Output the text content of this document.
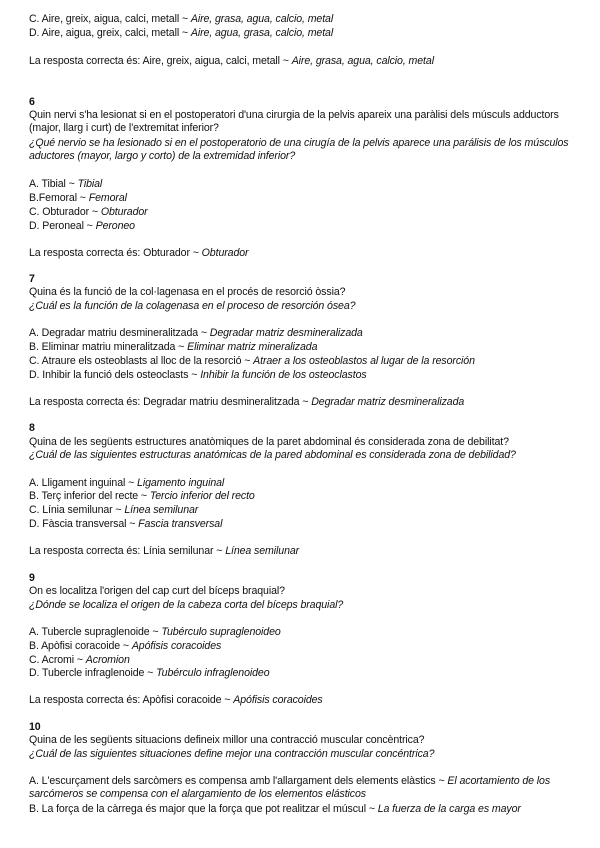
C. Aire, greix, aigua, calci, metall ~ Aire, grasa, agua, calcio, metal
D. Aire, aigua, greix, calci, metall ~ Aire, agua, grasa, calcio, metal
La resposta correcta és: Aire, greix, aigua, calci, metall ~ Aire, grasa, agua, calcio, metal
6
Quin nervi s'ha lesionat si en el postoperatori d'una cirurgia de la pelvis apareix una paràlisi dels músculs adductors (major, llarg i curt) de l'extremitat inferior?
¿Qué nervio se ha lesionado si en el postoperatorio de una cirugía de la pelvis aparece una parálisis de los músculos aductores (mayor, largo y corto) de la extremidad inferior?
A. Tibial ~ Tibial
B.Femoral ~ Femoral
C. Obturador ~ Obturador
D. Peroneal ~ Peroneo
La resposta correcta és: Obturador ~ Obturador
7
Quina és la funció de la col·lagenasa en el procés de resorció òssia?
¿Cuál es la función de la colagenasa en el proceso de resorción ósea?
A. Degradar matriu desmineralitzada ~ Degradar matriz desmineralizada
B. Eliminar matriu mineralitzada ~ Eliminar matriz mineralizada
C. Atraure els osteoblasts al lloc de la resorció ~ Atraer a los osteoblastos al lugar de la resorción
D. Inhibir la funció dels osteoclasts ~ Inhibir la función de los osteoclastos
La resposta correcta és: Degradar matriu desmineralitzada ~ Degradar matriz desmineralizada
8
Quina de les següents estructures anatòmiques de la paret abdominal és considerada zona de debilitat?
¿Cuál de las siguientes estructuras anatómicas de la pared abdominal es considerada zona de debilidad?
A. Lligament inguinal ~ Ligamento inguinal
B. Terç inferior del recte ~ Tercio inferior del recto
C. Línia semilunar ~ Línea semilunar
D. Fàscia transversal ~ Fascia transversal
La resposta correcta és: Línia semilunar ~ Línea semilunar
9
On es localitza l'origen del cap curt del bíceps braquial?
¿Dónde se localiza el origen de la cabeza corta del bíceps braquial?
A. Tubercle supraglenoide ~ Tubérculo supraglenoideo
B. Apòfisi coracoide ~ Apófisis coracoides
C. Acromi ~ Acromion
D. Tubercle infraglenoide ~ Tubérculo infraglenoideo
La resposta correcta és: Apòfisi coracoide ~ Apófisis coracoides
10
Quina de les següents situacions defineix millor una contracció muscular concèntrica?
¿Cuál de las siguientes situaciones define mejor una contracción muscular concéntrica?
A. L'escurçament dels sarcòmers es compensa amb l'allargament dels elements elàstics ~ El acortamiento de los sarcómeros se compensa con el alargamiento de los elementos elásticos
B. La força de la càrrega és major que la força que pot realitzar el múscul ~ La fuerza de la carga es mayor
